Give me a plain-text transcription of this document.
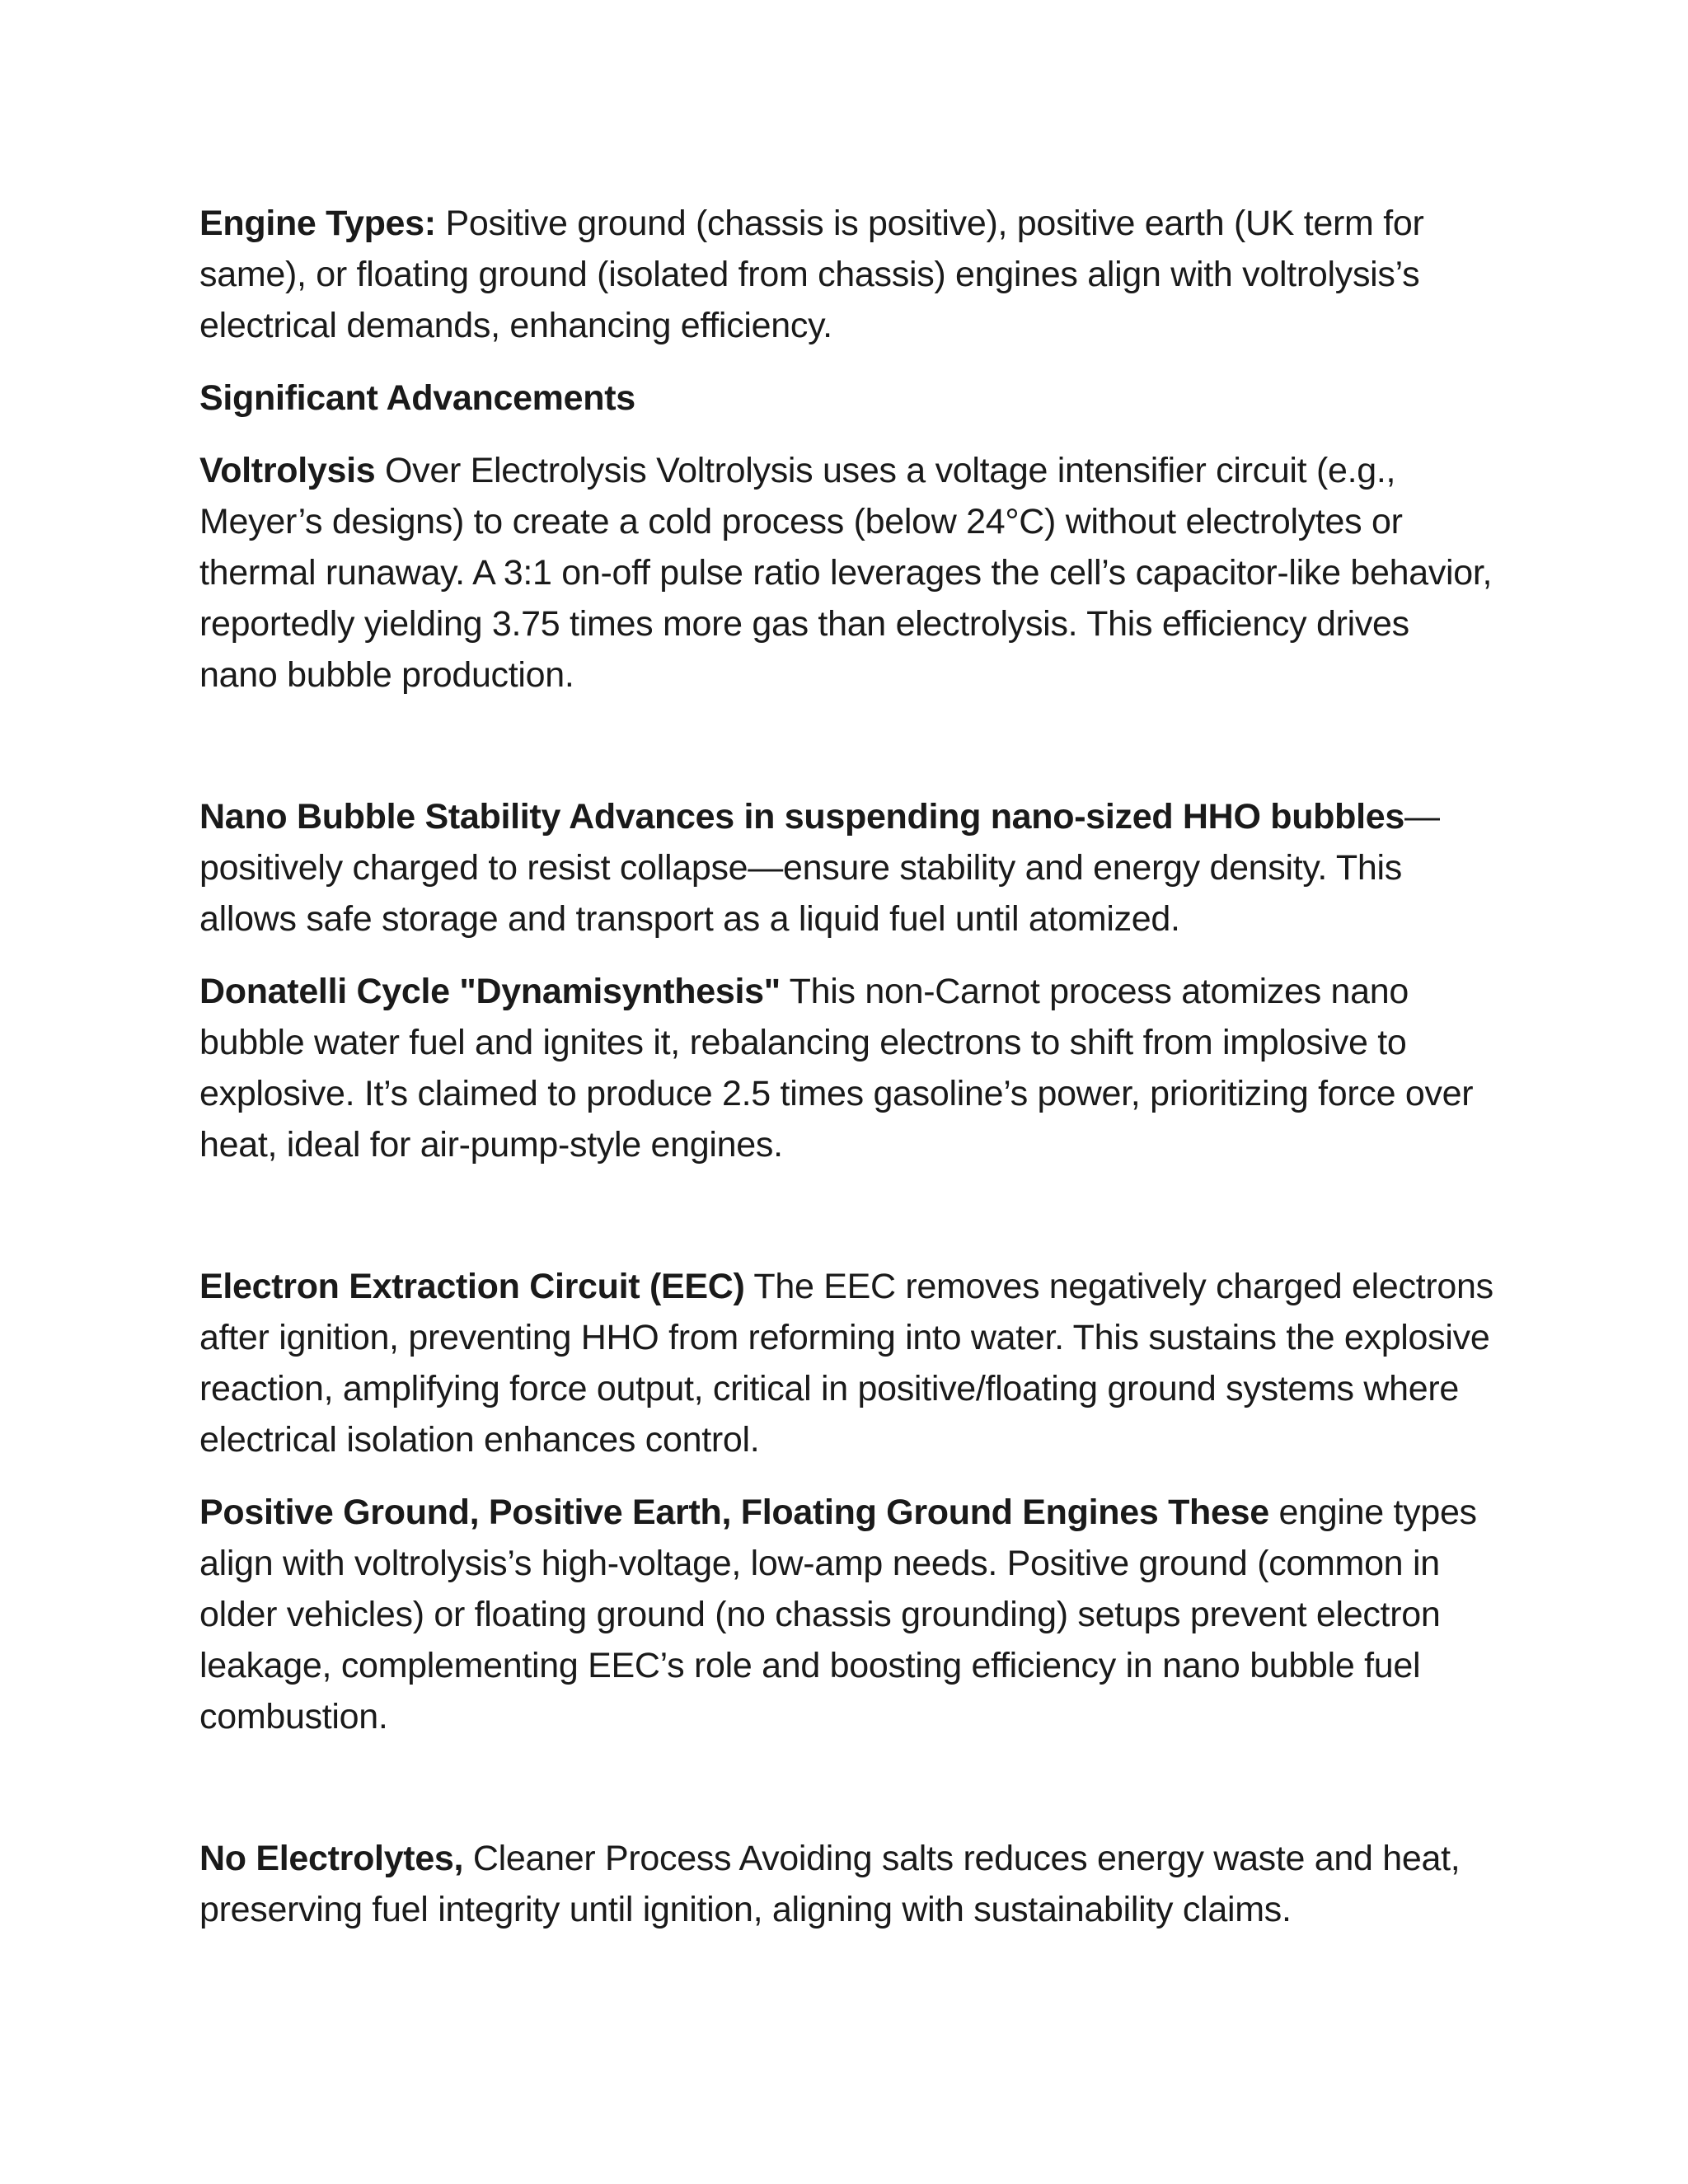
Engine Types: Positive ground (chassis is positive), positive earth (UK term for same), or floating ground (isolated from chassis) engines align with voltrolysis’s electrical demands, enhancing efficiency.

Significant Advancements

Voltrolysis Over Electrolysis Voltrolysis uses a voltage intensifier circuit (e.g., Meyer’s designs) to create a cold process (below 24°C) without electrolytes or thermal runaway. A 3:1 on-off pulse ratio leverages the cell’s capacitor-like behavior, reportedly yielding 3.75 times more gas than electrolysis. This efficiency drives nano bubble production.

Nano Bubble Stability Advances in suspending nano-sized HHO bubbles—positively charged to resist collapse—ensure stability and energy density. This allows safe storage and transport as a liquid fuel until atomized.

Donatelli Cycle "Dynamisynthesis" This non-Carnot process atomizes nano bubble water fuel and ignites it, rebalancing electrons to shift from implosive to explosive. It’s claimed to produce 2.5 times gasoline’s power, prioritizing force over heat, ideal for air-pump-style engines.

Electron Extraction Circuit (EEC) The EEC removes negatively charged electrons after ignition, preventing HHO from reforming into water. This sustains the explosive reaction, amplifying force output, critical in positive/floating ground systems where electrical isolation enhances control.

Positive Ground, Positive Earth, Floating Ground Engines These engine types align with voltrolysis’s high-voltage, low-amp needs. Positive ground (common in older vehicles) or floating ground (no chassis grounding) setups prevent electron leakage, complementing EEC’s role and boosting efficiency in nano bubble fuel combustion.

No Electrolytes, Cleaner Process Avoiding salts reduces energy waste and heat, preserving fuel integrity until ignition, aligning with sustainability claims.
